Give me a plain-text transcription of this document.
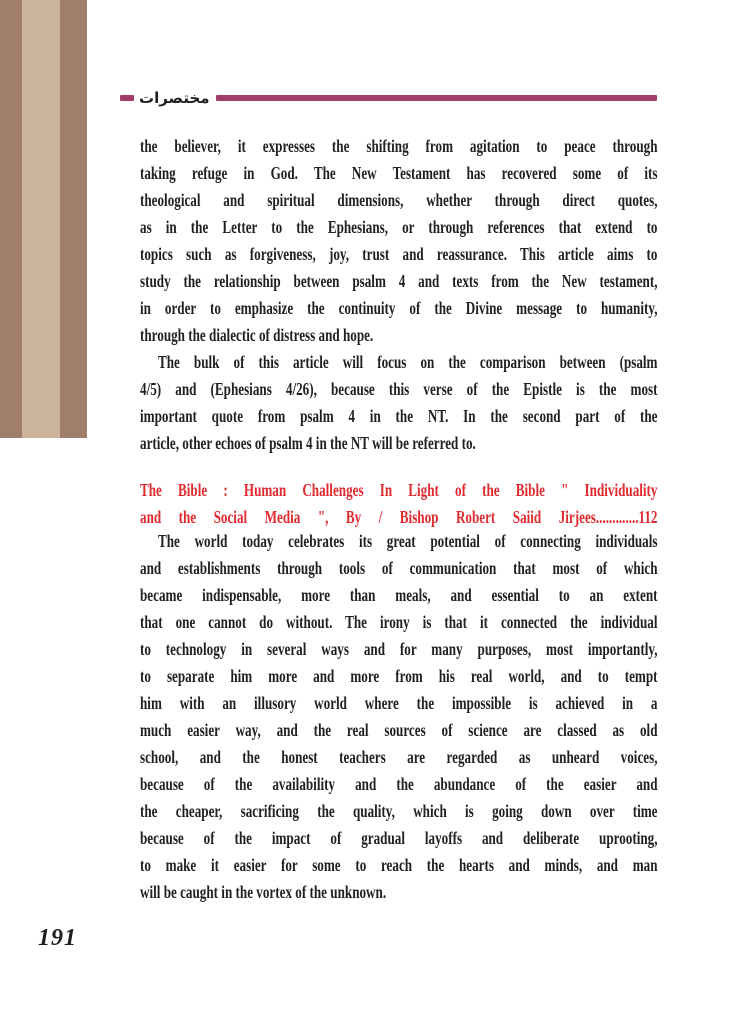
مختصرات
the believer, it expresses the shifting from agitation to peace through
taking refuge in God. The New Testament has recovered some of its
theological and spiritual dimensions, whether through direct quotes,
as in the Letter to the Ephesians, or through references that extend to
topics such as forgiveness, joy, trust and reassurance. This article aims to
study the relationship between psalm 4 and texts from the New testament,
in order to emphasize the continuity of the Divine message to humanity,
through the dialectic of distress and hope.
The bulk of this article will focus on the comparison between (psalm
4/5) and (Ephesians 4/26), because this verse of the Epistle is the most
important quote from psalm 4 in the NT. In the second part of the
article, other echoes of psalm 4 in the NT will be referred to.
The Bible : Human Challenges In Light of the Bible " Individuality
and the Social Media ", By / Bishop Robert Saiid Jirjees.............112
The world today celebrates its great potential of connecting individuals
and establishments through tools of communication that most of which
became indispensable, more than meals, and essential to an extent
that one cannot do without. The irony is that it connected the individual
to technology in several ways and for many purposes, most importantly,
to separate him more and more from his real world, and to tempt
him with an illusory world where the impossible is achieved in a
much easier way, and the real sources of science are classed as old
school, and the honest teachers are regarded as unheard voices,
because of the availability and the abundance of the easier and
the cheaper, sacrificing the quality, which is going down over time
because of the impact of gradual layoffs and deliberate uprooting,
to make it easier for some to reach the hearts and minds, and man
will be caught in the vortex of the unknown.
191
